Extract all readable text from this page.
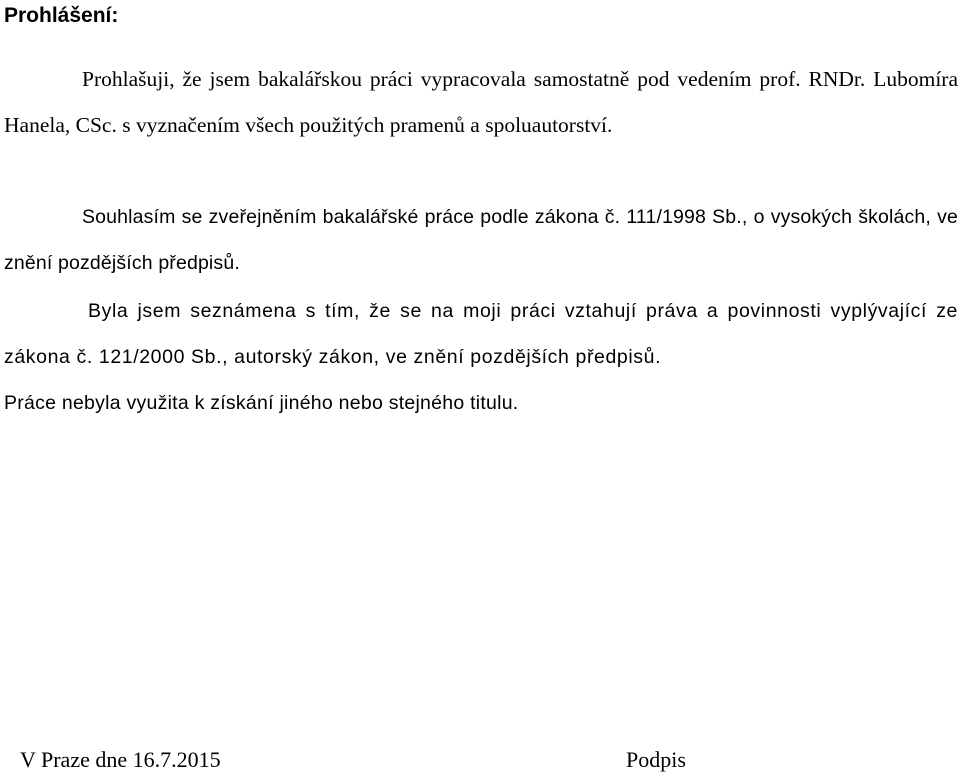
Prohlášení:

Prohlašuji, že jsem bakalářskou práci vypracovala samostatně pod vedením prof. RNDr. Lubomíra Hanela, CSc. s vyznačením všech použitých pramenů a spoluautorství.

Souhlasím se zveřejněním bakalářské práce podle zákona č. 111/1998 Sb., o vysokých školách, ve znění pozdějších předpisů.

Byla jsem seznámena s tím, že se na moji práci vztahují práva a povinnosti vyplývající ze zákona č. 121/2000 Sb., autorský zákon, ve znění pozdějších předpisů.

Práce nebyla využita k získání jiného nebo stejného titulu.

V Praze dne 16.7.2015	Podpis
